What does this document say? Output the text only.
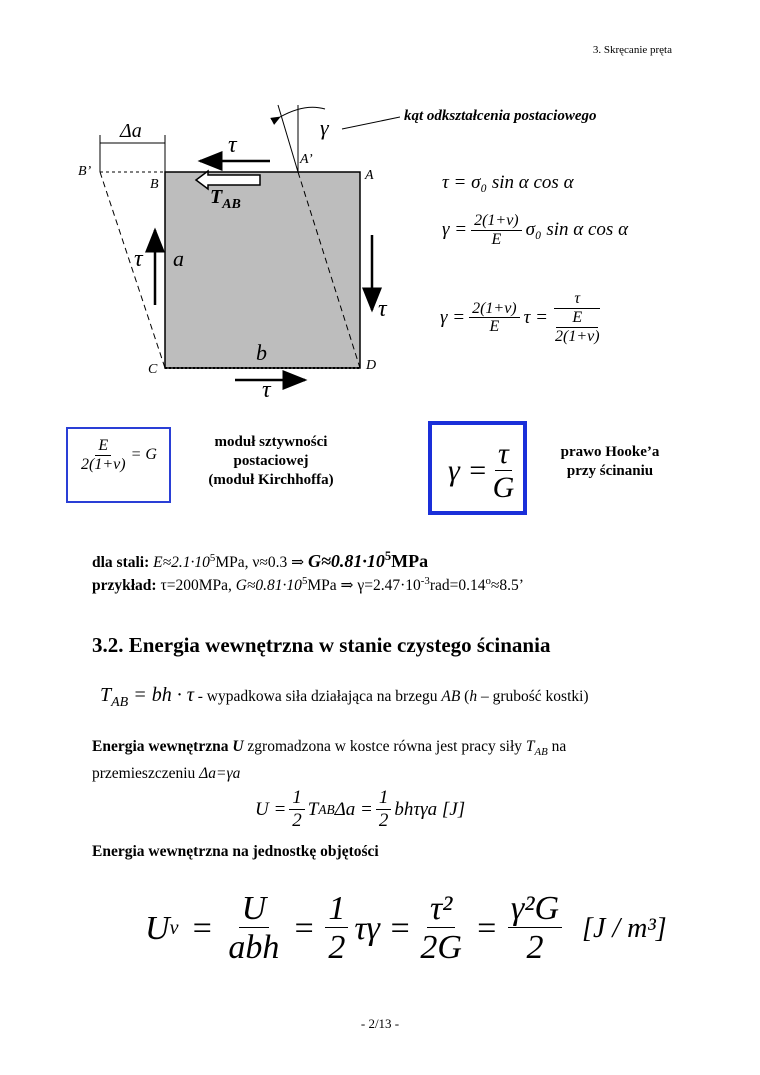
3. Skręcanie pręta
Δa	γ	kąt odkształcenia postaciowego
τ
τ
τ
τ
$T_{AB}$
a
b
B’
A’
A
B
C	D
τ = σ₀ sin α cos α
$\gamma = \frac{2(1+\nu)}{E} \sigma_0$ sin α cos α
$\gamma = \frac{2(1+\nu)}{E}$ τ = τ
E
2(1+ν)
$\frac{E}{2(1+\nu)} = G$
moduł sztywności
postaciowej
(moduł Kirchhoffa)	$\gamma = \frac{\tau}{G}$	prawo Hooke’a
przy ścinaniu
dla stali: $E\approx 2.1\cdot 10^5MPa$, ν≈0.3 ⇒ $G\approx 0.81\cdot 10^5MPa$
przykład: τ=200MPa, $G\approx 0.81\cdot 10^5MPa$ ⇒ $\gamma=2.47\cdot 10^{-3}rad=0.14^o\approx 8.5$’
3.2. Energia wewnętrzna w stanie czystego ścinania
$T_{AB}$ = bh · τ - wypadkowa siła działająca na brzegu AB (h – grubość kostki)
Energia wewnętrzna U zgromadzona w kostce równa jest pracy siły $T_{AB}$ na
przemieszczeniu Δa=γa
$U = \frac{1}{2}$ T AB $\Delta a = \frac{1}{2}$ bhτγa [J]
Energia wewnętrzna na jednostkę objętości
U $v = \frac{U}{\text{abh}} = \frac{1}{2}$ $\tau\gamma = \frac{\text{τ²}}{2G} = \frac{\text{γ²G}}{2} [J / m^3]$
- 2/13 -
